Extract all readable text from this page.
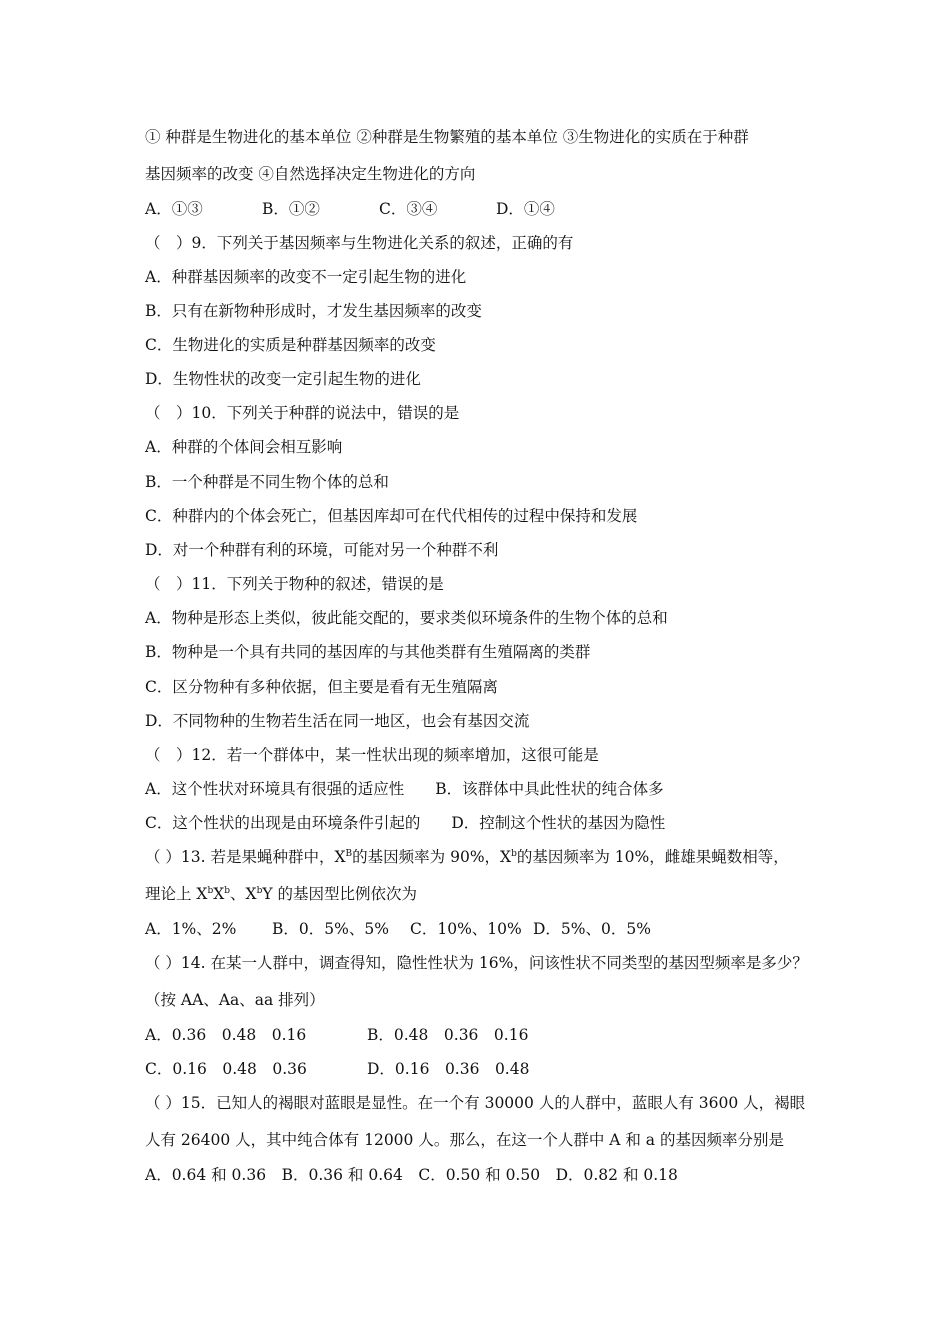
① 种群是生物进化的基本单位 ②种群是生物繁殖的基本单位 ③生物进化的实质在于种群
基因频率的改变 ④自然选择决定生物进化的方向
A．①③	B．①②	C．③④	D．①④
（　）9．下列关于基因频率与生物进化关系的叙述，正确的有
A．种群基因频率的改变不一定引起生物的进化
B．只有在新物种形成时，才发生基因频率的改变
C．生物进化的实质是种群基因频率的改变
D．生物性状的改变一定引起生物的进化
（　）10．下列关于种群的说法中，错误的是
A．种群的个体间会相互影响
B．一个种群是不同生物个体的总和
C．种群内的个体会死亡，但基因库却可在代代相传的过程中保持和发展
D．对一个种群有利的环境，可能对另一个种群不利
（　）11．下列关于物种的叙述，错误的是
A．物种是形态上类似，彼此能交配的，要求类似环境条件的生物个体的总和
B．物种是一个具有共同的基因库的与其他类群有生殖隔离的类群
C．区分物种有多种依据，但主要是看有无生殖隔离
D．不同物种的生物若生活在同一地区，也会有基因交流
（　）12．若一个群体中，某一性状出现的频率增加，这很可能是
A．这个性状对环境具有很强的适应性　　B．该群体中具此性状的纯合体多
C．这个性状的出现是由环境条件引起的　　D．控制这个性状的基因为隐性
（ ）13. 若是果蝇种群中，$X^B$的基因频率为 90%，$X^b$的基因频率为 10%，雌雄果蝇数相等，
理论上 $X^bX^b$、$X^bY$ 的基因型比例依次为
A．1%、2%	B．0．5%、5%	C．10%、10% D．5%、0．5%
（ ）14. 在某一人群中，调查得知，隐性性状为 16%，问该性状不同类型的基因型频率是多少？
（按 AA、Aa、aa 排列）
A．0.36　0.48　0.16	B．0.48　0.36　0.16
C．0.16　0.48　0.36	D．0.16　0.36　0.48
（ ）15．已知人的褐眼对蓝眼是显性。在一个有 30000 人的人群中，蓝眼人有 3600 人，褐眼
人有 26400 人，其中纯合体有 12000 人。那么，在这一个人群中 A 和 a 的基因频率分别是
A．0.64 和 0.36　B．0.36 和 0.64　C．0.50 和 0.50　D．0.82 和 0.18
